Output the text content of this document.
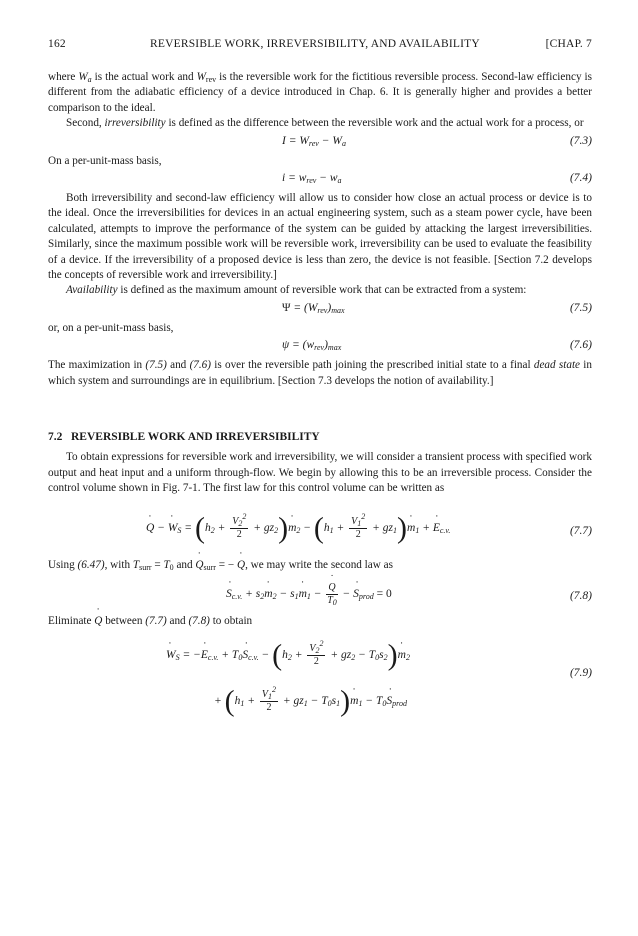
162	REVERSIBLE WORK, IRREVERSIBILITY, AND AVAILABILITY	[CHAP. 7

where $W_a$ is the actual work and $W_{rev}$ is the reversible work for the fictitious reversible process. Second-law efficiency is different from the adiabatic efficiency of a device introduced in Chap. 6. It is generally higher and provides a better comparison to the ideal.

Second, irreversibility is defined as the difference between the reversible work and the actual work for a process, or

$I = W_{rev} - W_a$	(7.3)

On a per-unit-mass basis,

$i = w_{rev} - w_a$	(7.4)

Both irreversibility and second-law efficiency will allow us to consider how close an actual process or device is to the ideal. Once the irreversibilities for devices in an actual engineering system, such as a steam power cycle, have been calculated, attempts to improve the performance of the system can be guided by attacking the largest irreversibilities. Similarly, since the maximum possible work will be reversible work, irreversibility can be used to evaluate the feasibility of a device. If the irreversibility of a proposed device is less than zero, the device is not feasible. [Section 7.2 develops the concepts of reversible work and irreversibility.]

Availability is defined as the maximum amount of reversible work that can be extracted from a system:

$\Psi = (W_{rev})_{max}$	(7.5)

or, on a per-unit-mass basis,

$\psi = (w_{rev})_{max}$	(7.6)

The maximization in (7.5) and (7.6) is over the reversible path joining the prescribed initial state to a final dead state in which system and surroundings are in equilibrium. [Section 7.3 develops the notion of availability.]

7.2 REVERSIBLE WORK AND IRREVERSIBILITY

To obtain expressions for reversible work and irreversibility, we will consider a transient process with specified work output and heat input and a uniform through-flow. We begin by allowing this to be an irreversible process. Consider the control volume shown in Fig. 7-1. The first law for this control volume can be written as

˙ Q − ˙ $W_S = (h_2 + \frac{V_2^2}{2}$ + $gz_2)˙$ $m_2 - (h_1 + \frac{V_1^2}{2}$ + $gz_1)˙$ $m_1$ + ˙ $E_{c.v.}$	(7.7)

Using (6.47), with $T_{surr} = T_0$ and ˙ $Q_{surr}$ = − ˙ Q, we may write the second law as

˙ $S_{c.v.}$ + $s_2˙$ $m_2$ − $s_1˙$ $m_1$ −
˙ $\frac{Q}{T_0}$ − ˙ $S_{prod} = 0$	(7.8)

Eliminate ˙ Q between (7.7) and (7.8) to obtain

˙ $W_S$ = −˙ $E_{c.v.}$ + $T_0˙$ $S_{c.v.} - (h_2 + \frac{V_2^2}{2} + gz_2$ − $T_0s_2)˙$ $m_2$
+ ($h_1 + \frac{V_1^2}{2} + gz_1$ − $T_0s_1)˙$ $m_1$ − $T_0˙$ $S_{prod}$
(7.9)
